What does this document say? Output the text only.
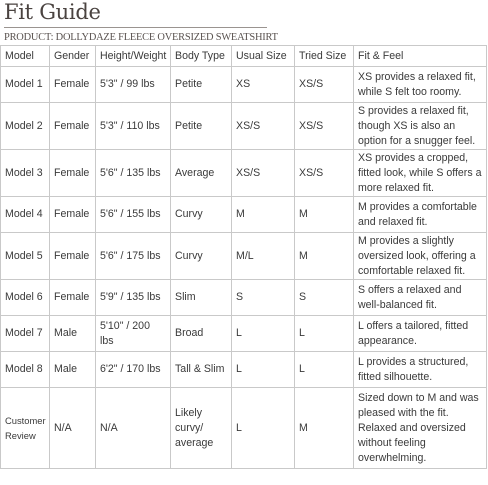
Fit Guide
PRODUCT: DOLLYDAZE FLEECE OVERSIZED SWEATSHIRT
Model	Gender	Height/Weight	Body Type	Usual Size	Tried Size	Fit & Feel
Model 1	Female	5'3" / 99 lbs	Petite	XS	XS/S	XS provides a relaxed fit, while S felt too roomy.
Model 2	Female	5'3" / 110 lbs	Petite	XS/S	XS/S	S provides a relaxed fit, though XS is also an option for a snugger feel.
Model 3	Female	5'6" / 135 lbs	Average	XS/S	XS/S	XS provides a cropped, fitted look, while S offers a more relaxed fit.
Model 4	Female	5'6" / 155 lbs	Curvy	M	M	M provides a comfortable and relaxed fit.
Model 5	Female	5'6" / 175 lbs	Curvy	M/L	M	M provides a slightly oversized look, offering a comfortable relaxed fit.
Model 6	Female	5'9" / 135 lbs	Slim	S	S	S offers a relaxed and well-balanced fit.
Model 7	Male	5'10" / 200 lbs	Broad	L	L	L offers a tailored, fitted appearance.
Model 8	Male	6'2" / 170 lbs	Tall & Slim	L	L	L provides a structured, fitted silhouette.
Customer Review	N/A	N/A	Likely curvy/ average	L	M	Sized down to M and was pleased with the fit. Relaxed and oversized without feeling overwhelming.
